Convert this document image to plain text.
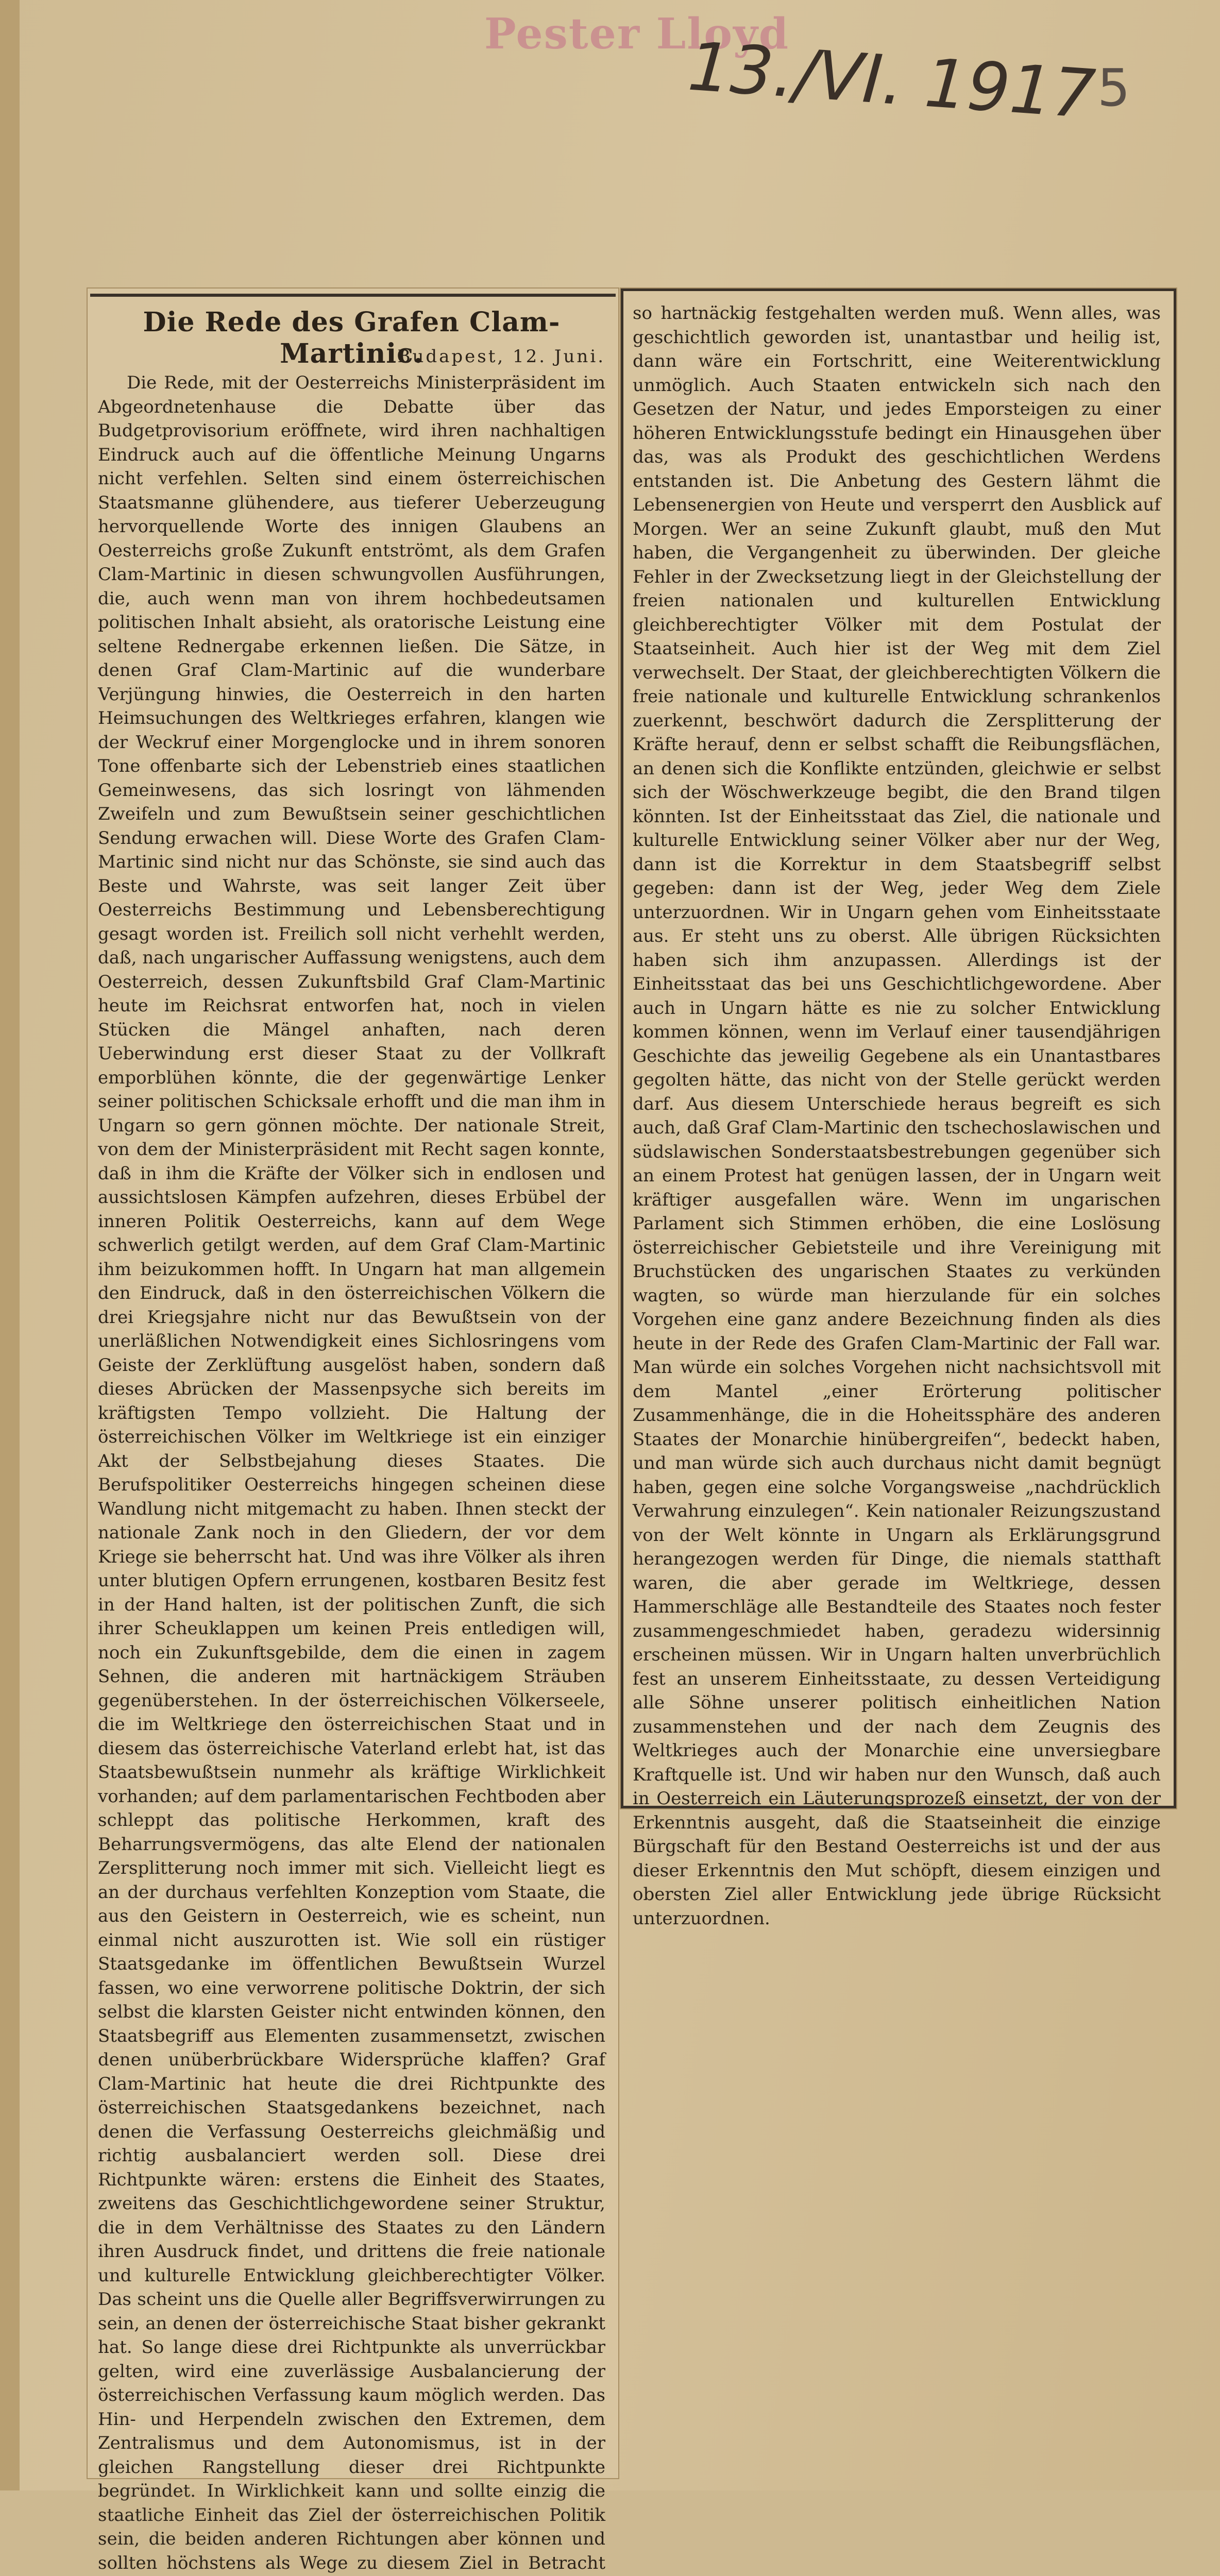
Pester Lloyd
13./VI. 1917 5
Die Rede des Grafen Clam-Martinic.
Budapest, 12. Juni.

Die Rede, mit der Oesterreichs Ministerpräsident im Abgeordnetenhause die Debatte über das Budgetprovisorium eröffnete, wird ihren nachhaltigen Eindruck auch auf die öffentliche Meinung Ungarns nicht verfehlen. Selten sind einem österreichischen Staatsmanne glühendere, aus tieferer Ueberzeugung hervorquellende Worte des innigen Glaubens an Oesterreichs große Zukunft entströmt, als dem Grafen Clam-Martinic in diesen schwungvollen Ausführungen, die, auch wenn man von ihrem hochbedeutsamen politischen Inhalt absieht, als oratorische Leistung eine seltene Rednergabe erkennen ließen. Die Sätze, in denen Graf Clam-Martinic auf die wunderbare Verjüngung hinwies, die Oesterreich in den harten Heimsuchungen des Weltkrieges erfahren, klangen wie der Weckruf einer Morgenglocke und in ihrem sonoren Tone offenbarte sich der Lebenstrieb eines staatlichen Gemeinwesens, das sich losringt von lähmenden Zweifeln und zum Bewußtsein seiner geschichtlichen Sendung erwachen will. Diese Worte des Grafen Clam-Martinic sind nicht nur das Schönste, sie sind auch das Beste und Wahrste, was seit langer Zeit über Oesterreichs Bestimmung und Lebensberechtigung gesagt worden ist. Freilich soll nicht verhehlt werden, daß, nach ungarischer Auffassung wenigstens, auch dem Oesterreich, dessen Zukunftsbild Graf Clam-Martinic heute im Reichsrat entworfen hat, noch in vielen Stücken die Mängel anhaften, nach deren Ueberwindung erst dieser Staat zu der Vollkraft emporblühen könnte, die der gegenwärtige Lenker seiner politischen Schicksale erhofft und die man ihm in Ungarn so gern gönnen möchte. Der nationale Streit, von dem der Ministerpräsident mit Recht sagen konnte, daß in ihm die Kräfte der Völker sich in endlosen und aussichtslosen Kämpfen aufzehren, dieses Erbübel der inneren Politik Oesterreichs, kann auf dem Wege schwerlich getilgt werden, auf dem Graf Clam-Martinic ihm beizukommen hofft. In Ungarn hat man allgemein den Eindruck, daß in den österreichischen Völkern die drei Kriegsjahre nicht nur das Bewußtsein von der unerläßlichen Notwendigkeit eines Sichlosringens vom Geiste der Zerklüftung ausgelöst haben, sondern daß dieses Abrücken der Massenpsyche sich bereits im kräftigsten Tempo vollzieht. Die Haltung der österreichischen Völker im Weltkriege ist ein einziger Akt der Selbstbejahung dieses Staates. Die Berufspolitiker Oesterreichs hingegen scheinen diese Wandlung nicht mitgemacht zu haben. Ihnen steckt der nationale Zank noch in den Gliedern, der vor dem Kriege sie beherrscht hat. Und was ihre Völker als ihren unter blutigen Opfern errungenen, kostbaren Besitz fest in der Hand halten, ist der politischen Zunft, die sich ihrer Scheuklappen um keinen Preis entledigen will, noch ein Zukunftsgebilde, dem die einen in zagem Sehnen, die anderen mit hartnäckigem Sträuben gegenüberstehen. In der österreichischen Völkerseele, die im Weltkriege den österreichischen Staat und in diesem das österreichische Vaterland erlebt hat, ist das Staatsbewußtsein nunmehr als kräftige Wirklichkeit vorhanden; auf dem parlamentarischen Fechtboden aber schleppt das politische Herkommen, kraft des Beharrungsvermögens, das alte Elend der nationalen Zersplitterung noch immer mit sich. Vielleicht liegt es an der durchaus verfehlten Konzeption vom Staate, die aus den Geistern in Oesterreich, wie es scheint, nun einmal nicht auszurotten ist. Wie soll ein rüstiger Staatsgedanke im öffentlichen Bewußtsein Wurzel fassen, wo eine verworrene politische Doktrin, der sich selbst die klarsten Geister nicht entwinden können, den Staatsbegriff aus Elementen zusammensetzt, zwischen denen unüberbrückbare Widersprüche klaffen? Graf Clam-Martinic hat heute die drei Richtpunkte des österreichischen Staatsgedankens bezeichnet, nach denen die Verfassung Oesterreichs gleichmäßig und richtig ausbalanciert werden soll. Diese drei Richtpunkte wären: erstens die Einheit des Staates, zweitens das Geschichtlichgewordene seiner Struktur, die in dem Verhältnisse des Staates zu den Ländern ihren Ausdruck findet, und drittens die freie nationale und kulturelle Entwicklung gleichberechtigter Völker. Das scheint uns die Quelle aller Begriffsverwirrungen zu sein, an denen der österreichische Staat bisher gekrankt hat. So lange diese drei Richtpunkte als unverrückbar gelten, wird eine zuverlässige Ausbalancierung der österreichischen Verfassung kaum möglich werden. Das Hin- und Herpendeln zwischen den Extremen, dem Zentralismus und dem Autonomismus, ist in der gleichen Rangstellung dieser drei Richtpunkte begründet. In Wirklichkeit kann und sollte einzig die staatliche Einheit das Ziel der österreichischen Politik sein, die beiden anderen Richtungen aber können und sollten höchstens als Wege zu diesem Ziel in Betracht

so hartnäckig festgehalten werden muß. Wenn alles, was geschichtlich geworden ist, unantastbar und heilig ist, dann wäre ein Fortschritt, eine Weiterentwicklung unmöglich. Auch Staaten entwickeln sich nach den Gesetzen der Natur, und jedes Emporsteigen zu einer höheren Entwicklungsstufe bedingt ein Hinausgehen über das, was als Produkt des geschichtlichen Werdens entstanden ist. Die Anbetung des Gestern lähmt die Lebensenergien von Heute und versperrt den Ausblick auf Morgen. Wer an seine Zukunft glaubt, muß den Mut haben, die Vergangenheit zu überwinden. Der gleiche Fehler in der Zwecksetzung liegt in der Gleichstellung der freien nationalen und kulturellen Entwicklung gleichberechtigter Völker mit dem Postulat der Staatseinheit. Auch hier ist der Weg mit dem Ziel verwechselt. Der Staat, der gleichberechtigten Völkern die freie nationale und kulturelle Entwicklung schrankenlos zuerkennt, beschwört dadurch die Zersplitterung der Kräfte herauf, denn er selbst schafft die Reibungsflächen, an denen sich die Konflikte entzünden, gleichwie er selbst sich der Wöschwerkzeuge begibt, die den Brand tilgen könnten. Ist der Einheitsstaat das Ziel, die nationale und kulturelle Entwicklung seiner Völker aber nur der Weg, dann ist die Korrektur in dem Staatsbegriff selbst gegeben: dann ist der Weg, jeder Weg dem Ziele unterzuordnen. Wir in Ungarn gehen vom Einheitsstaate aus. Er steht uns zu oberst. Alle übrigen Rücksichten haben sich ihm anzupassen. Allerdings ist der Einheitsstaat das bei uns Geschichtlichgewordene. Aber auch in Ungarn hätte es nie zu solcher Entwicklung kommen können, wenn im Verlauf einer tausendjährigen Geschichte das jeweilig Gegebene als ein Unantastbares gegolten hätte, das nicht von der Stelle gerückt werden darf. Aus diesem Unterschiede heraus begreift es sich auch, daß Graf Clam-Martinic den tschechoslawischen und südslawischen Sonderstaatsbestrebungen gegenüber sich an einem Protest hat genügen lassen, der in Ungarn weit kräftiger ausgefallen wäre. Wenn im ungarischen Parlament sich Stimmen erhöben, die eine Loslösung österreichischer Gebietsteile und ihre Vereinigung mit Bruchstücken des ungarischen Staates zu verkünden wagten, so würde man hierzulande für ein solches Vorgehen eine ganz andere Bezeichnung finden als dies heute in der Rede des Grafen Clam-Martinic der Fall war. Man würde ein solches Vorgehen nicht nachsichtsvoll mit dem Mantel „einer Erörterung politischer Zusammenhänge, die in die Hoheitssphäre des anderen Staates der Monarchie hinübergreifen“, bedeckt haben, und man würde sich auch durchaus nicht damit begnügt haben, gegen eine solche Vorgangsweise „nachdrücklich Verwahrung einzulegen“. Kein nationaler Reizungszustand von der Welt könnte in Ungarn als Erklärungsgrund herangezogen werden für Dinge, die niemals statthaft waren, die aber gerade im Weltkriege, dessen Hammerschläge alle Bestandteile des Staates noch fester zusammengeschmiedet haben, geradezu widersinnig erscheinen müssen. Wir in Ungarn halten unverbrüchlich fest an unserem Einheitsstaate, zu dessen Verteidigung alle Söhne unserer politisch einheitlichen Nation zusammenstehen und der nach dem Zeugnis des Weltkrieges auch der Monarchie eine unversiegbare Kraftquelle ist. Und wir haben nur den Wunsch, daß auch in Oesterreich ein Läuterungsprozeß einsetzt, der von der Erkenntnis ausgeht, daß die Staatseinheit die einzige Bürgschaft für den Bestand Oesterreichs ist und der aus dieser Erkenntnis den Mut schöpft, diesem einzigen und obersten Ziel aller Entwicklung jede übrige Rücksicht unterzuordnen.
